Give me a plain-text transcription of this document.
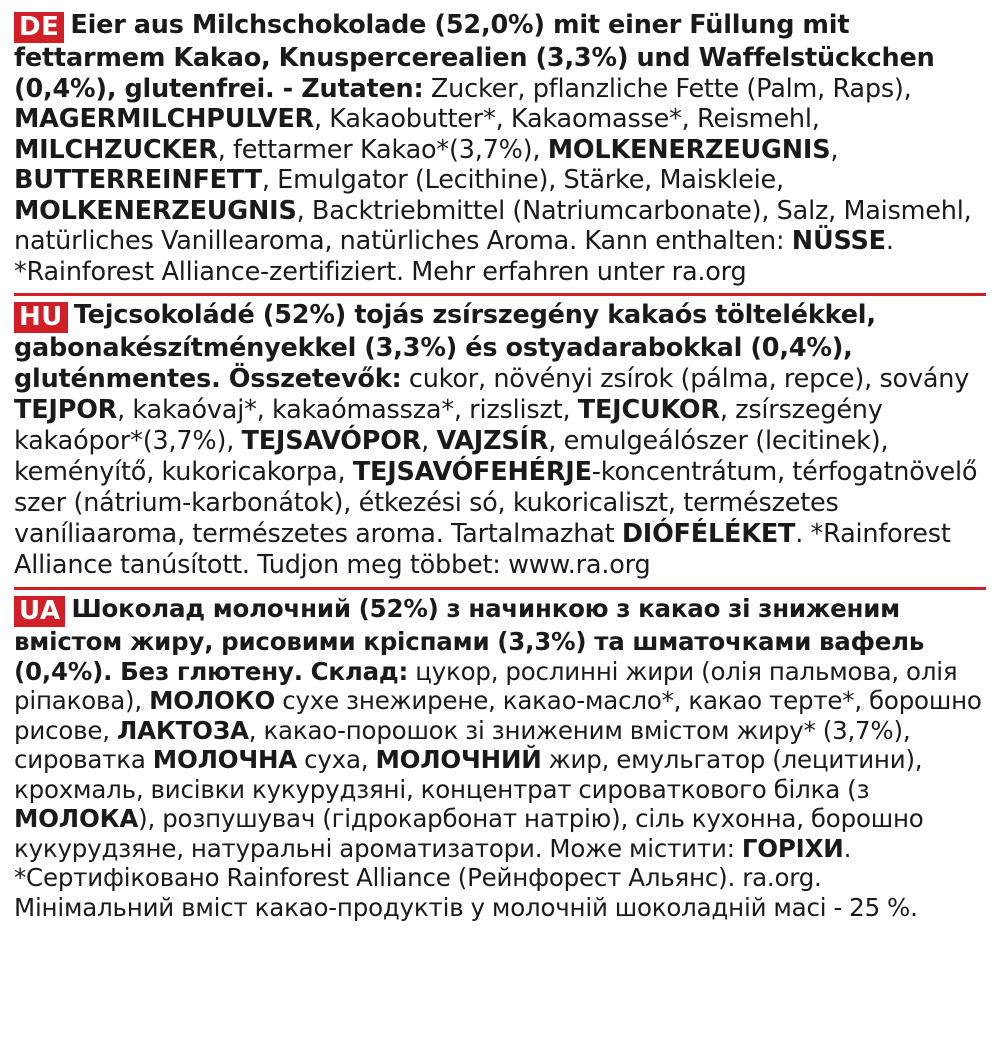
DE Eier aus Milchschokolade (52,0%) mit einer Füllung mit fettarmem Kakao, Knuspercerealien (3,3%) und Waffelstückchen (0,4%), glutenfrei. - Zutaten: Zucker, pflanzliche Fette (Palm, Raps), MAGERMILCHPULVER, Kakaobutter*, Kakaomasse*, Reismehl, MILCHZUCKER, fettarmer Kakao*(3,7%), MOLKENERZEUGNIS, BUTTERREINFETT, Emulgator (Lecithine), Stärke, Maiskleie, MOLKENERZEUGNIS, Backtriebmittel (Natriumcarbonate), Salz, Maismehl, natürliches Vanillearoma, natürliches Aroma. Kann enthalten: NÜSSE. *Rainforest Alliance-zertifiziert. Mehr erfahren unter ra.org
HU Tejcsokoládé (52%) tojás zsírszegény kakaós töltelékkel, gabonakészítményekkel (3,3%) és ostyadarabokkal (0,4%), gluténmentes. Összetevők: cukor, növényi zsírok (pálma, repce), sovány TEJPOR, kakaóvaj*, kakaómassza*, rizsliszt, TEJCUKOR, zsírszegény kakaópor*(3,7%), TEJSAVÓPOR, VAJZSÍR, emulgeálószer (lecitinek), keményítő, kukoricakorpa, TEJSAVÓFEHÉRJE-koncentrátum, térfogatnövelő szer (nátrium-karbonátok), étkezési só, kukoricaliszt, természetes vaníliaaroma, természetes aroma. Tartalmazhat DIÓFÉLÉKET. *Rainforest Alliance tanúsított. Tudjon meg többet: www.ra.org
UA Шоколад молочний (52%) з начинкою з какао зі зниженим вмістом жиру, рисовими кріспами (3,3%) та шматочками вафель (0,4%). Без глютену. Склад: цукор, рослинні жири (олія пальмова, олія ріпакова), МОЛОКО сухе знежирене, какао-масло*, какао терте*, борошно рисове, ЛАКТОЗА, какао-порошок зі зниженим вмістом жиру* (3,7%), сироватка МОЛОЧНА суха, МОЛОЧНИЙ жир, емульгатор (лецитини), крохмаль, висівки кукурудзяні, концентрат сироваткового білка (з МОЛОКА), розпушувач (гідрокарбонат натрію), сіль кухонна, борошно кукурудзяне, натуральні ароматизатори. Може містити: ГОРІХИ. *Сертифіковано Rainforest Alliance (Рейнфорест Альянс). ra.org. Мінімальний вміст какао-продуктів у молочній шоколадній масі - 25 %.
